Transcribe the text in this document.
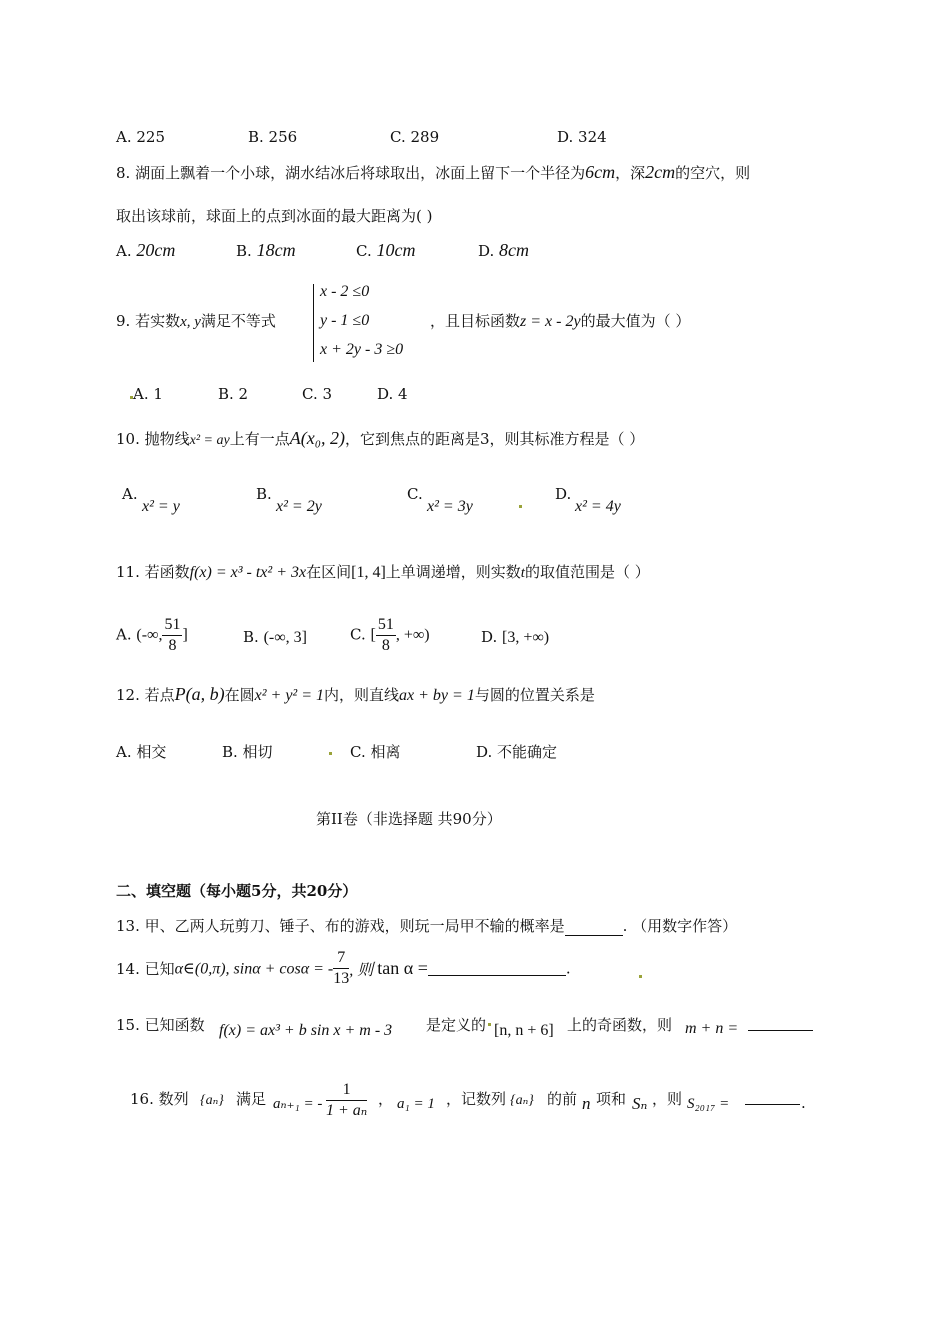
A. 225	B. 256	C. 289	D. 324
8. 湖面上飘着一个小球，湖水结冰后将球取出，冰面上留下一个半径为6cm，深2cm的空穴，则
取出该球前，球面上的点到冰面的最大距离为( )
A. 20cm	B. 18cm	C. 10cm	D. 8cm
9. 若实数x, y满足不等式
x - 2 ≤0
y - 1 ≤0
x + 2y - 3 ≥0
，且目标函数z = x - 2y的最大值为（ ）
A. 1	B. 2	C. 3	D. 4
10. 抛物线x² = ay上有一点A(x₀, 2)，它到焦点的距离是3，则其标准方程是（ ）
A.
x² = y
B.
x² = 2y
C.
x² = 3y
D.
x² = 4y
11. 若函数f(x) = x³ - tx² + 3x在区间[1, 4]上单调递增，则实数t的取值范围是（ ）
A. (-∞, $\frac{51}{8}$ ]	B. (-∞, 3]	C. [ $\frac{51}{8}$ , +∞)	D. [3, +∞)
12. 若点P(a, b)在圆x² + y² = 1内，则直线ax + by = 1与圆的位置关系是
A. 相交	B. 相切	C. 相离	D. 不能确定
第II卷（非选择题 共90分）
二、填空题（每小题5分，共20分）
13. 甲、乙两人玩剪刀、锤子、布的游戏，则玩一局甲不输的概率是	. （用数字作答）
14. 已知α∈(0,π), sinα + cosα = - $\frac{7}{13}$ , 则 tan α =	.
15. 已知函数 f(x) = ax³ + b sin x + m - 3 是定义的 [n, n + 6] 上的奇函数，则 m + n =
16. 数列 {aₙ} 满足 aₙ₊₁ = - $\frac{1}{\text{1 + aₙ}}$ ， a₁ = 1 ，记数列 {aₙ} 的前 n 项和 Sₙ ，则 S₂₀₁₇ =	.
